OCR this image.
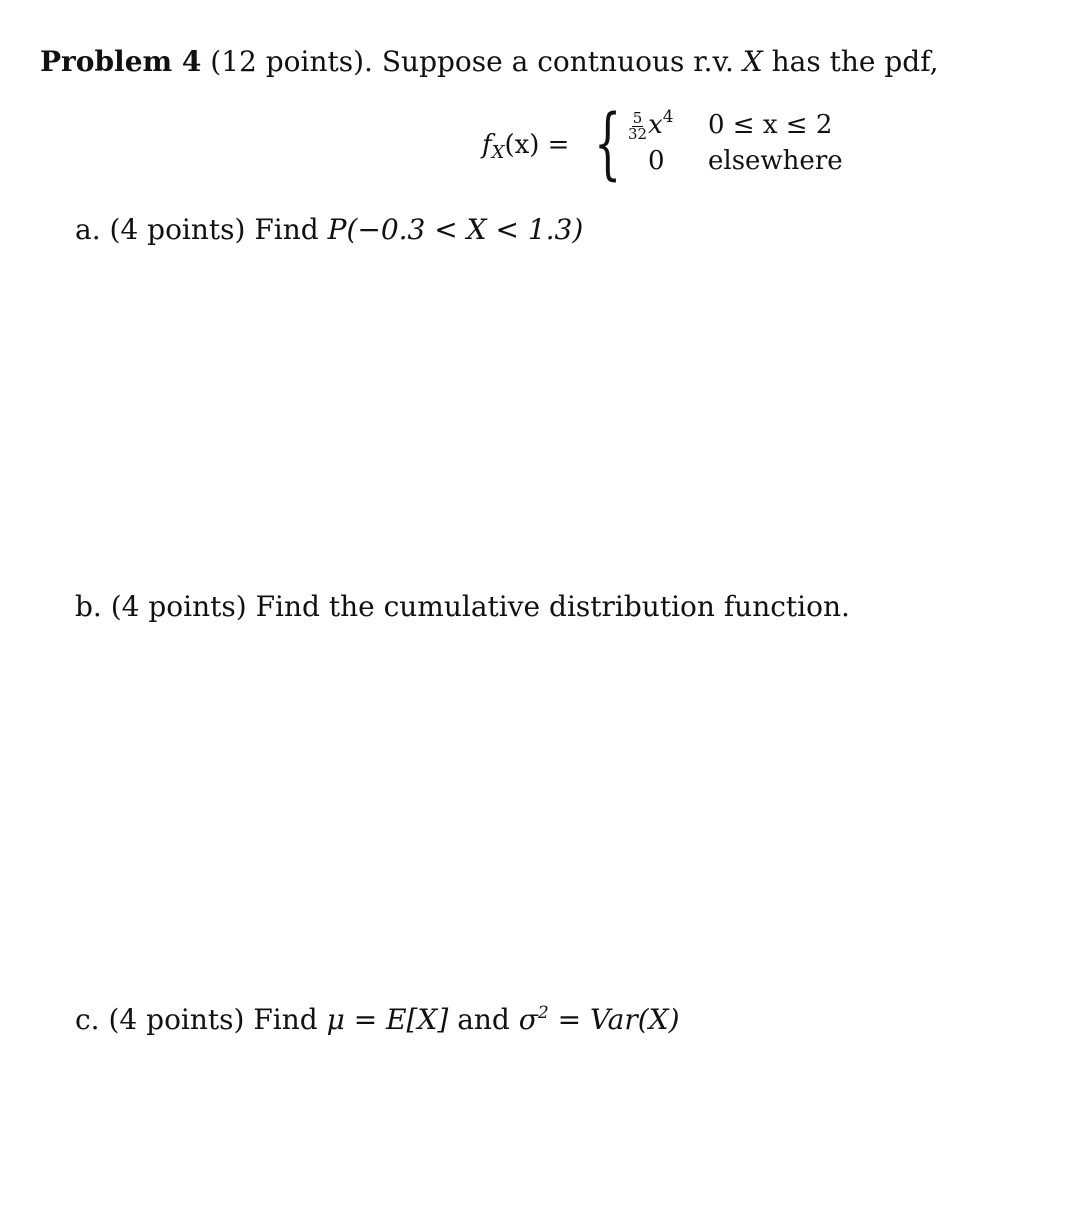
Problem 4 (12 points). Suppose a contnuous r.v. X has the pdf,
$f_X(x)$ = { $\frac{5}{32} x^4$ 0 ≤ x ≤ 2
0 elsewhere
a. (4 points) Find P(−0.3 < X < 1.3)
b. (4 points) Find the cumulative distribution function.
c. (4 points) Find μ = E[X] and $\sigma^2 = Var(X)$
